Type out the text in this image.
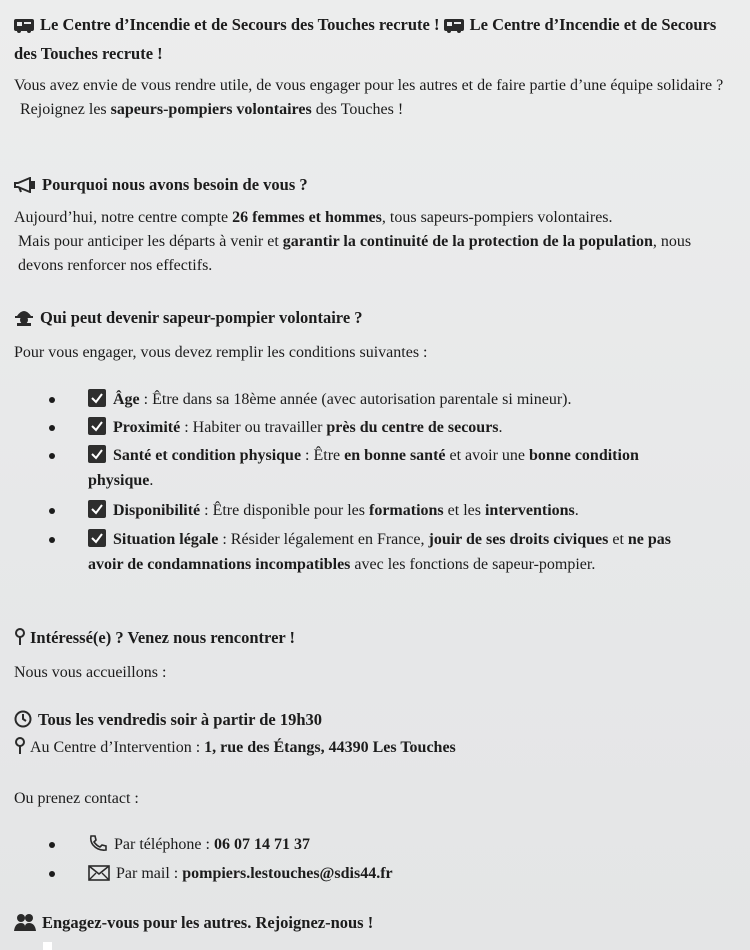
Le Centre d’Incendie et de Secours des Touches recrute ! Le Centre d’Incendie et de Secours des Touches recrute !
Vous avez envie de vous rendre utile, de vous engager pour les autres et de faire partie d’une équipe solidaire ?
Rejoignez les sapeurs-pompiers volontaires des Touches !
Pourquoi nous avons besoin de vous ?
Aujourd’hui, notre centre compte 26 femmes et hommes, tous sapeurs-pompiers volontaires.
Mais pour anticiper les départs à venir et garantir la continuité de la protection de la population, nous devons renforcer nos effectifs.
Qui peut devenir sapeur-pompier volontaire ?
Pour vous engager, vous devez remplir les conditions suivantes :
Âge : Être dans sa 18ème année (avec autorisation parentale si mineur).
Proximité : Habiter ou travailler près du centre de secours.
Santé et condition physique : Être en bonne santé et avoir une bonne condition physique.
Disponibilité : Être disponible pour les formations et les interventions.
Situation légale : Résider légalement en France, jouir de ses droits civiques et ne pas avoir de condamnations incompatibles avec les fonctions de sapeur-pompier.
Intéressé(e) ? Venez nous rencontrer !
Nous vous accueillons :
Tous les vendredis soir à partir de 19h30
Au Centre d’Intervention : 1, rue des Étangs, 44390 Les Touches
Ou prenez contact :
Par téléphone : 06 07 14 71 37
Par mail : pompiers.lestouches@sdis44.fr
Engagez-vous pour les autres. Rejoignez-nous !
